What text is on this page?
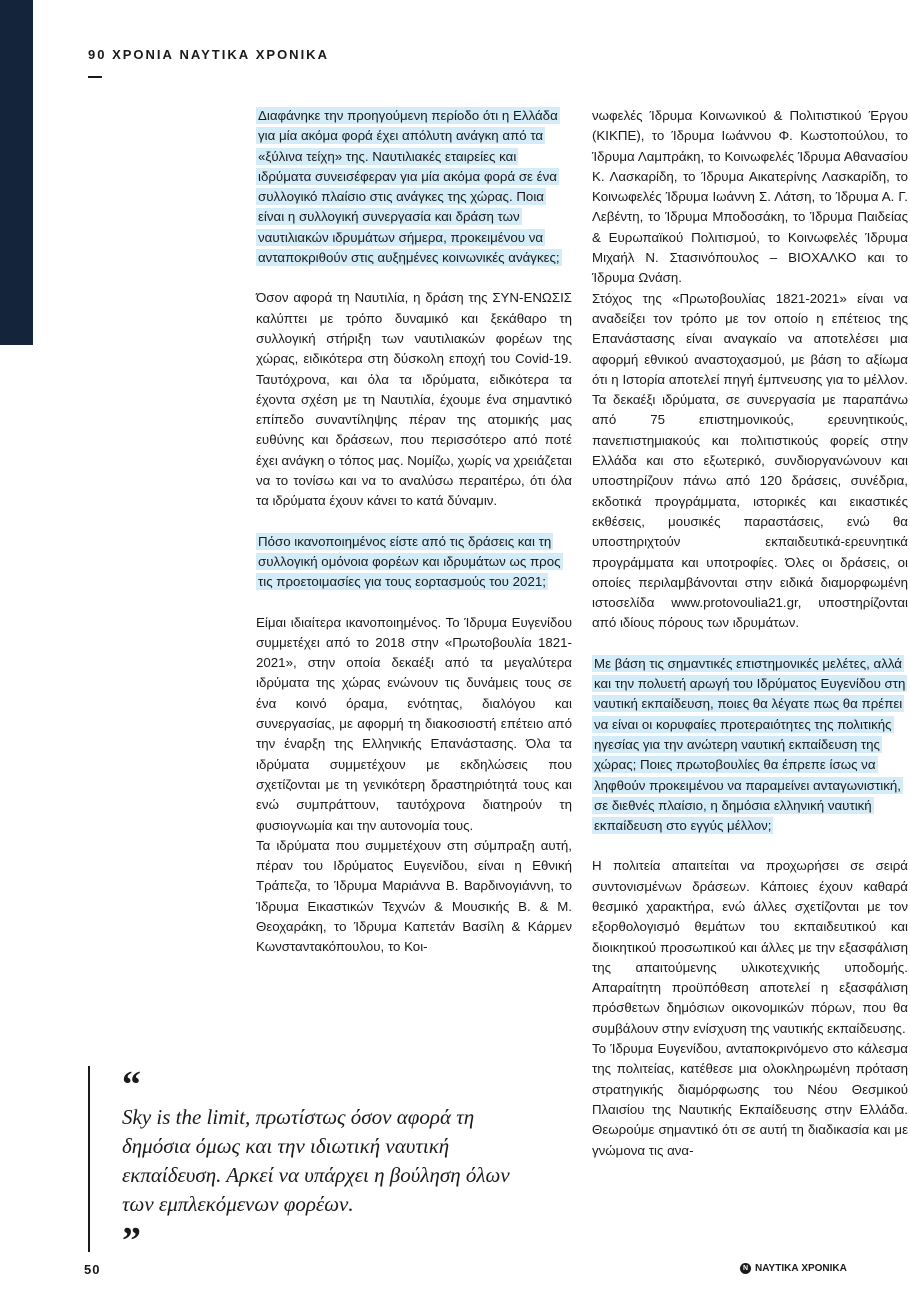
90 ΧΡΟΝΙΑ ΝΑΥΤΙΚΑ ΧΡΟΝΙΚΑ

Διαφάνηκε την προηγούμενη περίοδο ότι η Ελλάδα για μία ακόμα φορά έχει απόλυτη ανάγκη από τα «ξύλινα τείχη» της. Ναυτιλιακές εταιρείες και ιδρύματα συνεισέφεραν για μία ακόμα φορά σε ένα συλλογικό πλαίσιο στις ανάγκες της χώρας. Ποια είναι η συλλογική συνεργασία και δράση των ναυτιλιακών ιδρυμάτων σήμερα, προκειμένου να ανταποκριθούν στις αυξημένες κοινωνικές ανάγκες;

Όσον αφορά τη Ναυτιλία, η δράση της ΣΥΝ-ΕΝΩΣΙΣ καλύπτει με τρόπο δυναμικό και ξεκάθαρο τη συλλογική στήριξη των ναυτιλιακών φορέων της χώρας, ειδικότερα στη δύσκολη εποχή του Covid-19. Ταυτόχρονα, και όλα τα ιδρύματα, ειδικότερα τα έχοντα σχέση με τη Ναυτιλία, έχουμε ένα σημαντικό επίπεδο συναντίληψης πέραν της ατομικής μας ευθύνης και δράσεων, που περισσότερο από ποτέ έχει ανάγκη ο τόπος μας. Νομίζω, χωρίς να χρειάζεται να το τονίσω και να το αναλύσω περαιτέρω, ότι όλα τα ιδρύματα έχουν κάνει το κατά δύναμιν.

Πόσο ικανοποιημένος είστε από τις δράσεις και τη συλλογική ομόνοια φορέων και ιδρυμάτων ως προς τις προετοιμασίες για τους εορτασμούς του 2021;

Είμαι ιδιαίτερα ικανοποιημένος. Το Ίδρυμα Ευγενίδου συμμετέχει από το 2018 στην «Πρωτοβουλία 1821-2021», στην οποία δεκαέξι από τα μεγαλύτερα ιδρύματα της χώρας ενώνουν τις δυνάμεις τους σε ένα κοινό όραμα, ενότητας, διαλόγου και συνεργασίας, με αφορμή τη διακοσιοστή επέτειο από την έναρξη της Ελληνικής Επανάστασης. Όλα τα ιδρύματα συμμετέχουν με εκδηλώσεις που σχετίζονται με τη γενικότερη δραστηριότητά τους και ενώ συμπράττουν, ταυτόχρονα διατηρούν τη φυσιογνωμία και την αυτονομία τους.

Τα ιδρύματα που συμμετέχουν στη σύμπραξη αυτή, πέραν του Ιδρύματος Ευγενίδου, είναι η Εθνική Τράπεζα, το Ίδρυμα Μαριάννα Β. Βαρδινογιάννη, το Ίδρυμα Εικαστικών Τεχνών & Μουσικής Β. & Μ. Θεοχαράκη, το Ίδρυμα Καπετάν Βασίλη & Κάρμεν Κωνσταντακόπουλου, το Κοι-

νωφελές Ίδρυμα Κοινωνικού & Πολιτιστικού Έργου (ΚΙΚΠΕ), το Ίδρυμα Ιωάννου Φ. Κωστοπούλου, το Ίδρυμα Λαμπράκη, το Κοινωφελές Ίδρυμα Αθανασίου Κ. Λασκαρίδη, το Ίδρυμα Αικατερίνης Λασκαρίδη, το Κοινωφελές Ίδρυμα Ιωάννη Σ. Λάτση, το Ίδρυμα Α. Γ. Λεβέντη, το Ίδρυμα Μποδοσάκη, το Ίδρυμα Παιδείας & Ευρωπαϊκού Πολιτισμού, το Κοινωφελές Ίδρυμα Μιχαήλ Ν. Στασινόπουλος – ΒΙΟΧΑΛΚΟ και το Ίδρυμα Ωνάση.

Στόχος της «Πρωτοβουλίας 1821-2021» είναι να αναδείξει τον τρόπο με τον οποίο η επέτειος της Επανάστασης είναι αναγκαίο να αποτελέσει μια αφορμή εθνικού αναστοχασμού, με βάση το αξίωμα ότι η Ιστορία αποτελεί πηγή έμπνευσης για το μέλλον. Τα δεκαέξι ιδρύματα, σε συνεργασία με παραπάνω από 75 επιστημονικούς, ερευνητικούς, πανεπιστημιακούς και πολιτιστικούς φορείς στην Ελλάδα και στο εξωτερικό, συνδιοργανώνουν και υποστηρίζουν πάνω από 120 δράσεις, συνέδρια, εκδοτικά προγράμματα, ιστορικές και εικαστικές εκθέσεις, μουσικές παραστάσεις, ενώ θα υποστηριχτούν εκπαιδευτικά-ερευνητικά προγράμματα και υποτροφίες. Όλες οι δράσεις, οι οποίες περιλαμβάνονται στην ειδικά διαμορφωμένη ιστοσελίδα www.protovoulia21.gr, υποστηρίζονται από ιδίους πόρους των ιδρυμάτων.

Με βάση τις σημαντικές επιστημονικές μελέτες, αλλά και την πολυετή αρωγή του Ιδρύματος Ευγενίδου στη ναυτική εκπαίδευση, ποιες θα λέγατε πως θα πρέπει να είναι οι κορυφαίες προτεραιότητες της πολιτικής ηγεσίας για την ανώτερη ναυτική εκπαίδευση της χώρας; Ποιες πρωτοβουλίες θα έπρεπε ίσως να ληφθούν προκειμένου να παραμείνει ανταγωνιστική, σε διεθνές πλαίσιο, η δημόσια ελληνική ναυτική εκπαίδευση στο εγγύς μέλλον;

Η πολιτεία απαιτείται να προχωρήσει σε σειρά συντονισμένων δράσεων. Κάποιες έχουν καθαρά θεσμικό χαρακτήρα, ενώ άλλες σχετίζονται με τον εξορθολογισμό θεμάτων του εκπαιδευτικού και διοικητικού προσωπικού και άλλες με την εξασφάλιση της απαιτούμενης υλικοτεχνικής υποδομής. Απαραίτητη προϋπόθεση αποτελεί η εξασφάλιση πρόσθετων δημόσιων οικονομικών πόρων, που θα συμβάλουν στην ενίσχυση της ναυτικής εκπαίδευσης.

Το Ίδρυμα Ευγενίδου, ανταποκρινόμενο στο κάλεσμα της πολιτείας, κατέθεσε μια ολοκληρωμένη πρόταση στρατηγικής διαμόρφωσης του Νέου Θεσμικού Πλαισίου της Ναυτικής Εκπαίδευσης στην Ελλάδα. Θεωρούμε σημαντικό ότι σε αυτή τη διαδικασία και με γνώμονα τις ανα-

“
Sky is the limit, πρωτίστως όσον αφορά τη δημόσια όμως και την ιδιωτική ναυτική εκπαίδευση. Αρκεί να υπάρχει η βούληση όλων των εμπλεκόμενων φορέων.
”
50	N ΝΑΥΤΙΚΑ ΧΡΟΝΙΚΑ
